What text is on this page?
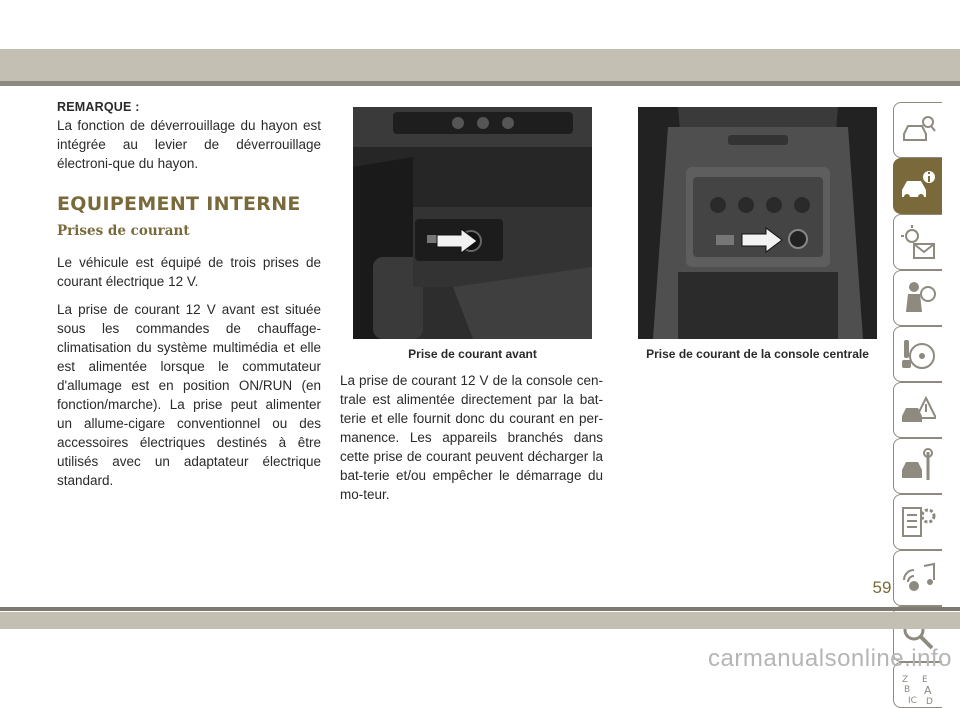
REMARQUE :

La fonction de déverrouillage du hayon est intégrée au levier de déverrouillage électroni-que du hayon.

EQUIPEMENT INTERNE
Prises de courant

Le véhicule est équipé de trois prises de courant électrique 12 V.

La prise de courant 12 V avant est située sous les commandes de chauffage-climatisation du système multimédia et elle est alimentée lorsque le commutateur d'allumage est en position ON/RUN (en fonction/marche). La prise peut alimenter un allume-cigare conventionnel ou des accessoires électriques destinés à être utilisés avec un adaptateur électrique standard.

Prise de courant avant	Prise de courant de la console centrale

La prise de courant 12 V de la console cen-trale est alimentée directement par la bat-terie et elle fournit donc du courant en per-manence. Les appareils branchés dans cette prise de courant peuvent décharger la bat-terie et/ou empêcher le démarrage du mo-teur.

Z E
B A
IC D
59
carmanualsonline.info
